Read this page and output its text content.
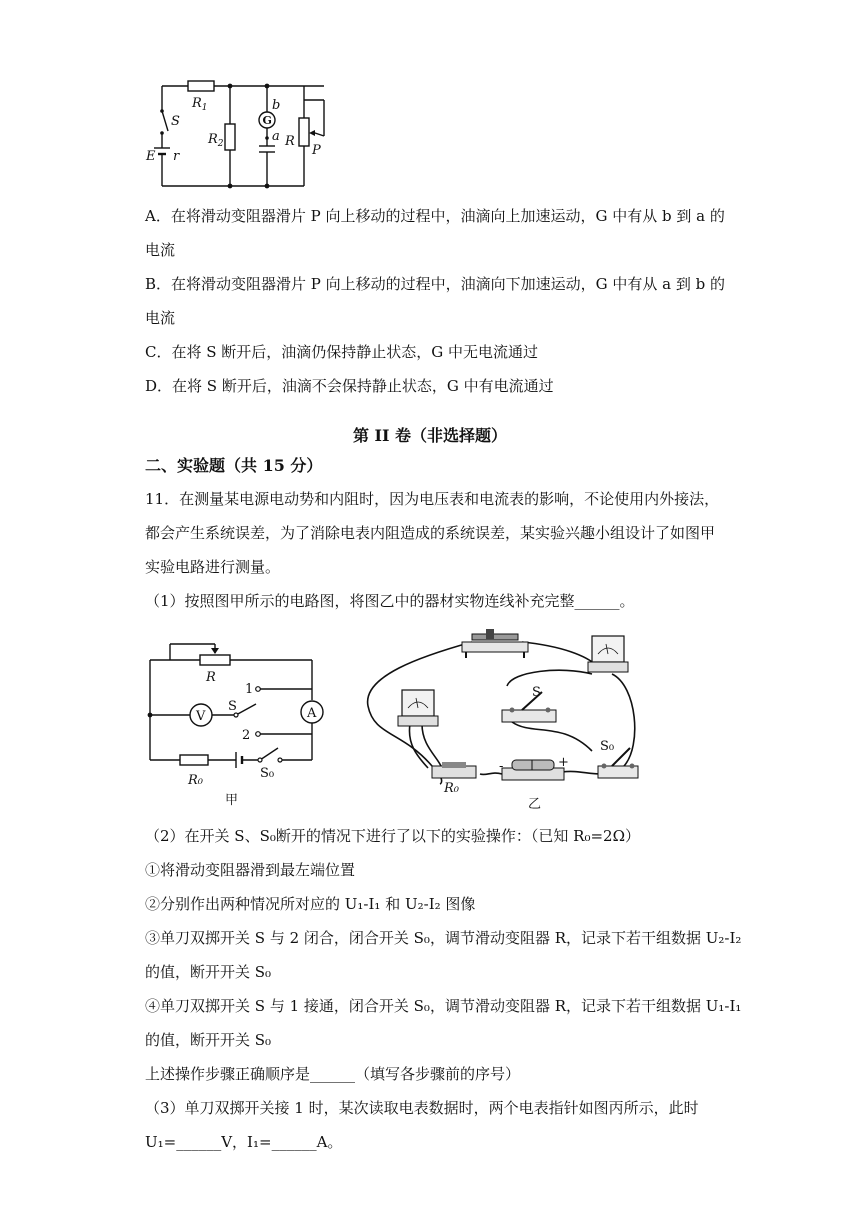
$R_1$
$R_2$
S
E r
b
a R
P
G
A．在将滑动变阻器滑片 P 向上移动的过程中，油滴向上加速运动，G 中有从 b 到 a 的
电流
B．在将滑动变阻器滑片 P 向上移动的过程中，油滴向下加速运动，G 中有从 a 到 b 的
电流
C．在将 S 断开后，油滴仍保持静止状态，G 中无电流通过
D．在将 S 断开后，油滴不会保持静止状态，G 中有电流通过
第 II 卷（非选择题）
二、实验题（共 15 分）
11．在测量某电源电动势和内阻时，因为电压表和电流表的影响，不论使用内外接法，
都会产生系统误差，为了消除电表内阻造成的系统误差，某实验兴趣小组设计了如图甲
实验电路进行测量。
（1）按照图甲所示的电路图，将图乙中的器材实物连线补充完整______。
R
V	A
S
1
2
R₀	S₀
甲
S
S₀
R₀
-	+
乙
（2）在开关 S、S₀断开的情况下进行了以下的实验操作：（已知 R₀=2Ω）
①将滑动变阻器滑到最左端位置
②分别作出两种情况所对应的 U₁-I₁ 和 U₂-I₂ 图像
③单刀双掷开关 S 与 2 闭合，闭合开关 S₀，调节滑动变阻器 R，记录下若干组数据 U₂-I₂
的值，断开开关 S₀
④单刀双掷开关 S 与 1 接通，闭合开关 S₀，调节滑动变阻器 R，记录下若干组数据 U₁-I₁
的值，断开开关 S₀
上述操作步骤正确顺序是______（填写各步骤前的序号）
（3）单刀双掷开关接 1 时，某次读取电表数据时，两个电表指针如图丙所示，此时
U₁=______V，I₁=______A。
